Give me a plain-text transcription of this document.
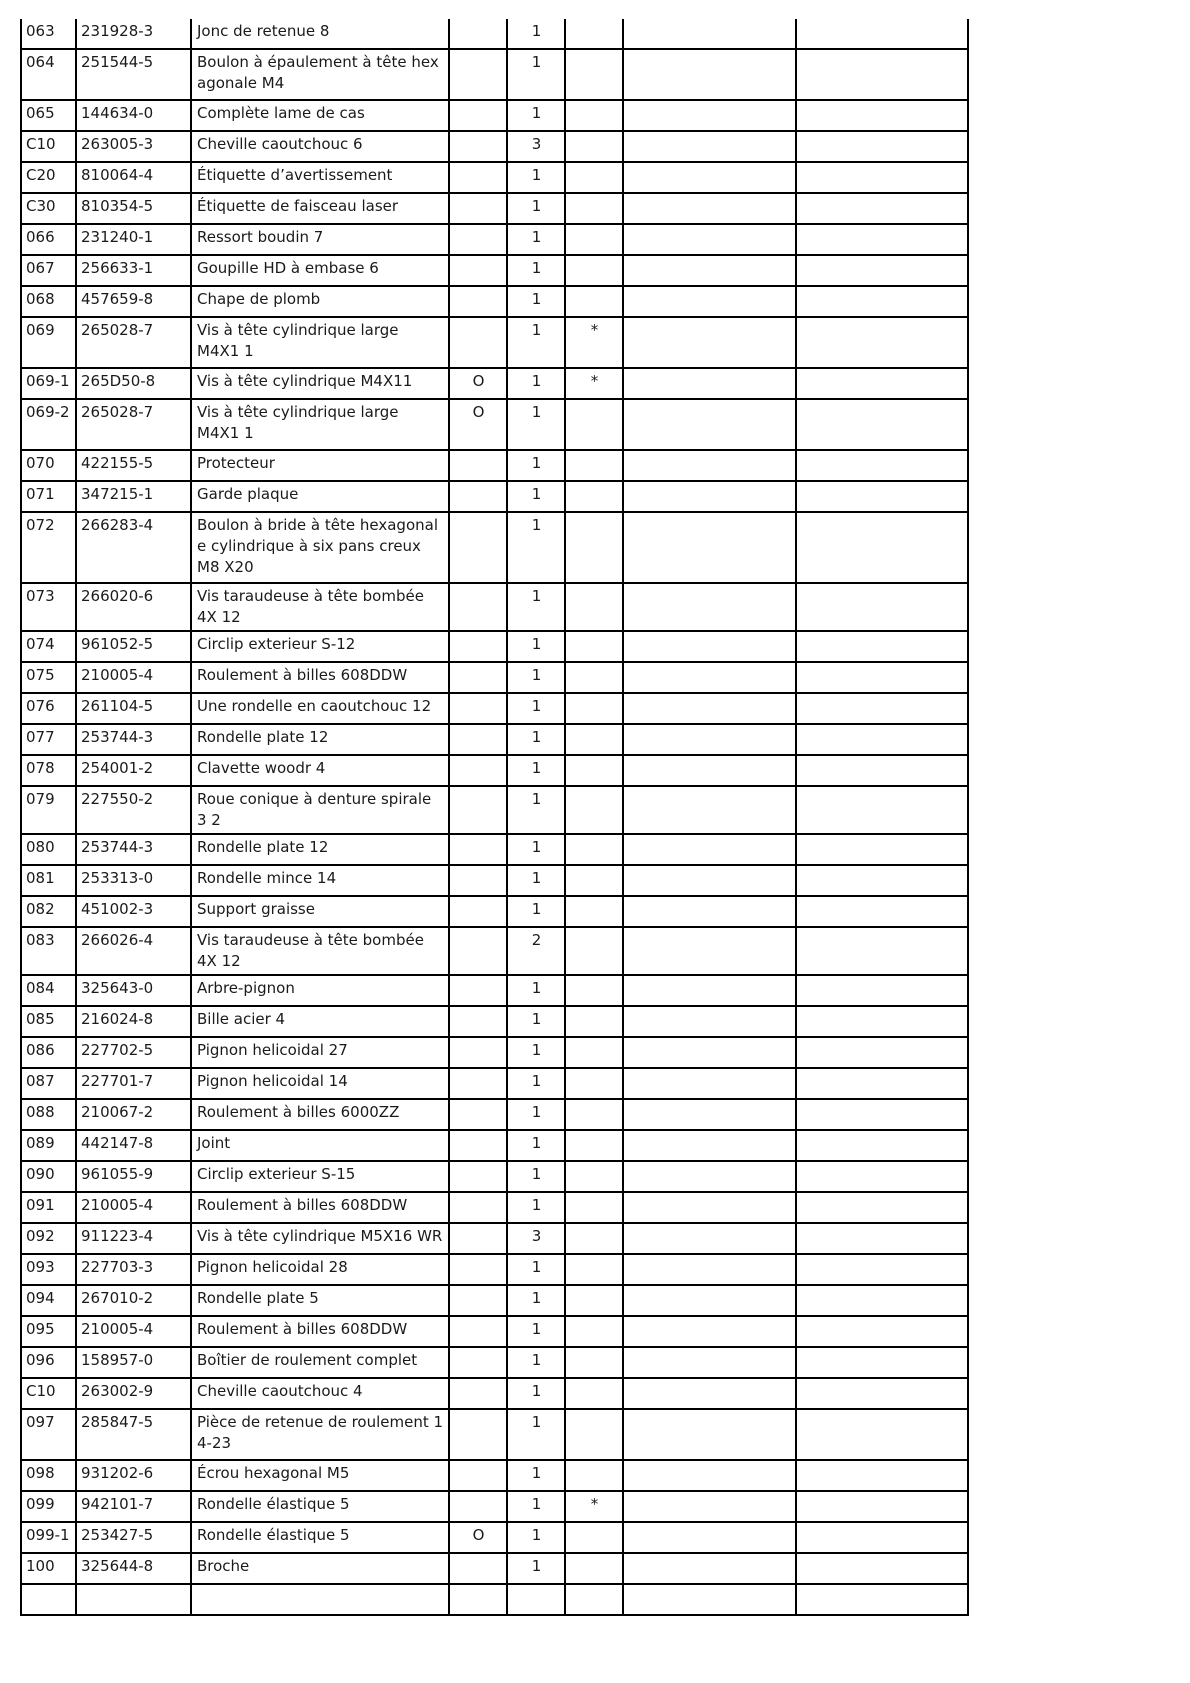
063	231928-3	Jonc de retenue 8		1			
064	251544-5	Boulon à épaulement à tête hex agonale M4		1			
065	144634-0	Complète lame de cas		1			
C10	263005-3	Cheville caoutchouc 6		3			
C20	810064-4	Étiquette d’avertissement		1			
C30	810354-5	Étiquette de faisceau laser		1			
066	231240-1	Ressort boudin 7		1			
067	256633-1	Goupille HD à embase 6		1			
068	457659-8	Chape de plomb		1			
069	265028-7	Vis à tête cylindrique large M4X1 1		1	*		
069-1	265D50-8	Vis à tête cylindrique M4X11	O	1	*		
069-2	265028-7	Vis à tête cylindrique large M4X1 1	O	1			
070	422155-5	Protecteur		1			
071	347215-1	Garde plaque		1			
072	266283-4	Boulon à bride à tête hexagonal e cylindrique à six pans creux M8 X20		1			
073	266020-6	Vis taraudeuse à tête bombée 4X 12		1			
074	961052-5	Circlip exterieur S-12		1			
075	210005-4	Roulement à billes 608DDW		1			
076	261104-5	Une rondelle en caoutchouc 12		1			
077	253744-3	Rondelle plate 12		1			
078	254001-2	Clavette woodr 4		1			
079	227550-2	Roue conique à denture spirale 3 2		1			
080	253744-3	Rondelle plate 12		1			
081	253313-0	Rondelle mince 14		1			
082	451002-3	Support graisse		1			
083	266026-4	Vis taraudeuse à tête bombée 4X 12		2			
084	325643-0	Arbre-pignon		1			
085	216024-8	Bille acier 4		1			
086	227702-5	Pignon helicoidal 27		1			
087	227701-7	Pignon helicoidal 14		1			
088	210067-2	Roulement à billes 6000ZZ		1			
089	442147-8	Joint		1			
090	961055-9	Circlip exterieur S-15		1			
091	210005-4	Roulement à billes 608DDW		1			
092	911223-4	Vis à tête cylindrique M5X16 WR		3			
093	227703-3	Pignon helicoidal 28		1			
094	267010-2	Rondelle plate 5		1			
095	210005-4	Roulement à billes 608DDW		1			
096	158957-0	Boîtier de roulement complet		1			
C10	263002-9	Cheville caoutchouc 4		1			
097	285847-5	Pièce de retenue de roulement 1 4-23		1			
098	931202-6	Écrou hexagonal M5		1			
099	942101-7	Rondelle élastique 5		1	*		
099-1	253427-5	Rondelle élastique 5	O	1			
100	325644-8	Broche		1			
